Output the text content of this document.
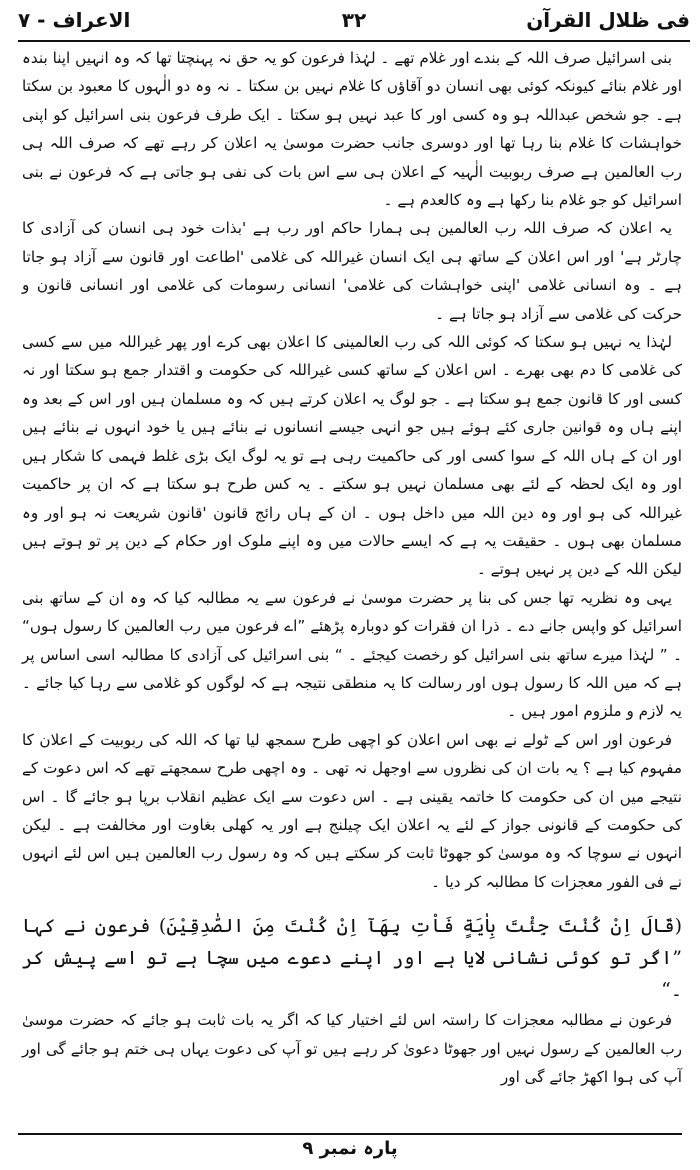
فی ظلال القرآن
۳۲
الاعراف - ۷

بنی اسرائیل صرف اللہ کے بندے اور غلام تھے ۔ لہٰذا فرعون کو یہ حق نہ پہنچتا تھا کہ وہ انہیں اپنا بندہ اور غلام بنائے کیونکہ کوئی بھی انسان دو آقاؤں کا غلام نہیں بن سکتا ۔ نہ وہ دو الٰہوں کا معبود بن سکتا ہے۔ جو شخص عبداللہ ہو وہ کسی اور کا عبد نہیں ہو سکتا ۔ ایک طرف فرعون بنی اسرائیل کو اپنی خواہشات کا غلام بنا رہا تھا اور دوسری جانب حضرت موسیٰ یہ اعلان کر رہے تھے کہ صرف اللہ ہی رب العالمین ہے صرف ربوبیت الٰہیہ کے اعلان ہی سے اس بات کی نفی ہو جاتی ہے کہ فرعون نے بنی اسرائیل کو جو غلام بنا رکھا ہے وہ کالعدم ہے ۔

یہ اعلان کہ صرف اللہ رب العالمین ہی ہمارا حاکم اور رب ہے 'بذات خود ہی انسان کی آزادی کا چارٹر ہے' اور اس اعلان کے ساتھ ہی ایک انسان غیراللہ کی غلامی 'اطاعت اور قانون سے آزاد ہو جاتا ہے ۔ وہ انسانی غلامی 'اپنی خواہشات کی غلامی' انسانی رسومات کی غلامی اور انسانی قانون و حرکت کی غلامی سے آزاد ہو جاتا ہے ۔

لہٰذا یہ نہیں ہو سکتا کہ کوئی اللہ کی رب العالمینی کا اعلان بھی کرے اور پھر غیراللہ میں سے کسی کی غلامی کا دم بھی بھرے ۔ اس اعلان کے ساتھ کسی غیراللہ کی حکومت و اقتدار جمع ہو سکتا اور نہ کسی اور کا قانون جمع ہو سکتا ہے ۔ جو لوگ یہ اعلان کرتے ہیں کہ وہ مسلمان ہیں اور اس کے بعد وہ اپنے ہاں وہ قوانین جاری کئے ہوئے ہیں جو انہی جیسے انسانوں نے بنائے ہیں یا خود انہوں نے بنائے ہیں اور ان کے ہاں اللہ کے سوا کسی اور کی حاکمیت رہی ہے تو یہ لوگ ایک بڑی غلط فہمی کا شکار ہیں اور وہ ایک لحظہ کے لئے بھی مسلمان نہیں ہو سکتے ۔ یہ کس طرح ہو سکتا ہے کہ ان پر حاکمیت غیراللہ کی ہو اور وہ دین اللہ میں داخل ہوں ۔ ان کے ہاں رائج قانون 'قانون شریعت نہ ہو اور وہ مسلمان بھی ہوں ۔ حقیقت یہ ہے کہ ایسے حالات میں وہ اپنے ملوک اور حکام کے دین پر تو ہوتے ہیں لیکن اللہ کے دین پر نہیں ہوتے ۔

یہی وہ نظریہ تھا جس کی بنا پر حضرت موسیٰ نے فرعون سے یہ مطالبہ کیا کہ وہ ان کے ساتھ بنی اسرائیل کو واپس جانے دے ۔ ذرا ان فقرات کو دوبارہ پڑھئے ”اے فرعون میں رب العالمین کا رسول ہوں“ ۔ ” لہٰذا میرے ساتھ بنی اسرائیل کو رخصت کیجئے ۔ “ بنی اسرائیل کی آزادی کا مطالبہ اسی اساس پر ہے کہ میں اللہ کا رسول ہوں اور رسالت کا یہ منطقی نتیجہ ہے کہ لوگوں کو غلامی سے رہا کیا جائے ۔ یہ لازم و ملزوم امور ہیں ۔

فرعون اور اس کے ٹولے نے بھی اس اعلان کو اچھی طرح سمجھ لیا تھا کہ اللہ کی ربوبیت کے اعلان کا مفہوم کیا ہے ؟ یہ بات ان کی نظروں سے اوجھل نہ تھی ۔ وہ اچھی طرح سمجھتے تھے کہ اس دعوت کے نتیجے میں ان کی حکومت کا خاتمہ یقینی ہے ۔ اس دعوت سے ایک عظیم انقلاب برپا ہو جائے گا ۔ اس کی حکومت کے قانونی جواز کے لئے یہ اعلان ایک چیلنج ہے اور یہ کھلی بغاوت اور مخالفت ہے ۔ لیکن انہوں نے سوچا کہ وہ موسیٰ کو جھوٹا ثابت کر سکتے ہیں کہ وہ رسول رب العالمین ہیں اس لئے انہوں نے فی الفور معجزات کا مطالبہ کر دیا ۔

(قَالَ اِنْ كُنْتَ جِئْتَ بِاٰيَةٍ فَاْتِ بِهَآ اِنْ كُنْتَ مِنَ الصّٰدِقِيْنَ) فرعون نے کہا ”اگر تو کوئی نشانی لایا ہے اور اپنے دعوے میں سچا ہے تو اسے پیش کر ۔“

فرعون نے مطالبہ معجزات کا راستہ اس لئے اختیار کیا کہ اگر یہ بات ثابت ہو جائے کہ حضرت موسیٰ رب العالمین کے رسول نہیں اور جھوٹا دعویٰ کر رہے ہیں تو آپ کی دعوت یہاں ہی ختم ہو جائے گی اور آپ کی ہوا اکھڑ جائے گی اور

پارہ نمبر ۹
